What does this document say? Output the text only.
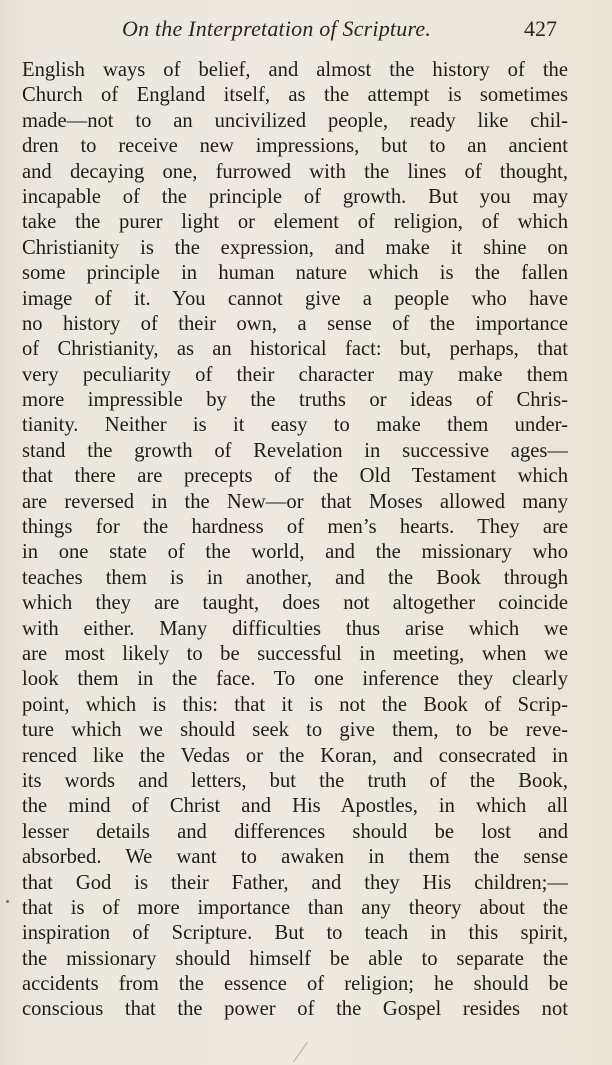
On the Interpretation of Scripture.	427
English ways of belief, and almost the history of the
Church of England itself, as the attempt is sometimes
made—not to an uncivilized people, ready like chil-
dren to receive new impressions, but to an ancient
and decaying one, furrowed with the lines of thought,
incapable of the principle of growth. But you may
take the purer light or element of religion, of which
Christianity is the expression, and make it shine on
some principle in human nature which is the fallen
image of it. You cannot give a people who have
no history of their own, a sense of the importance
of Christianity, as an historical fact: but, perhaps, that
very peculiarity of their character may make them
more impressible by the truths or ideas of Chris-
tianity. Neither is it easy to make them under-
stand the growth of Revelation in successive ages—
that there are precepts of the Old Testament which
are reversed in the New—or that Moses allowed many
things for the hardness of men’s hearts. They are
in one state of the world, and the missionary who
teaches them is in another, and the Book through
which they are taught, does not altogether coincide
with either. Many difficulties thus arise which we
are most likely to be successful in meeting, when we
look them in the face. To one inference they clearly
point, which is this: that it is not the Book of Scrip-
ture which we should seek to give them, to be reve-
renced like the Vedas or the Koran, and consecrated in
its words and letters, but the truth of the Book,
the mind of Christ and His Apostles, in which all
lesser details and differences should be lost and
absorbed. We want to awaken in them the sense
that God is their Father, and they His children;—
that is of more importance than any theory about the
inspiration of Scripture. But to teach in this spirit,
the missionary should himself be able to separate the
accidents from the essence of religion; he should be
conscious that the power of the Gospel resides not
